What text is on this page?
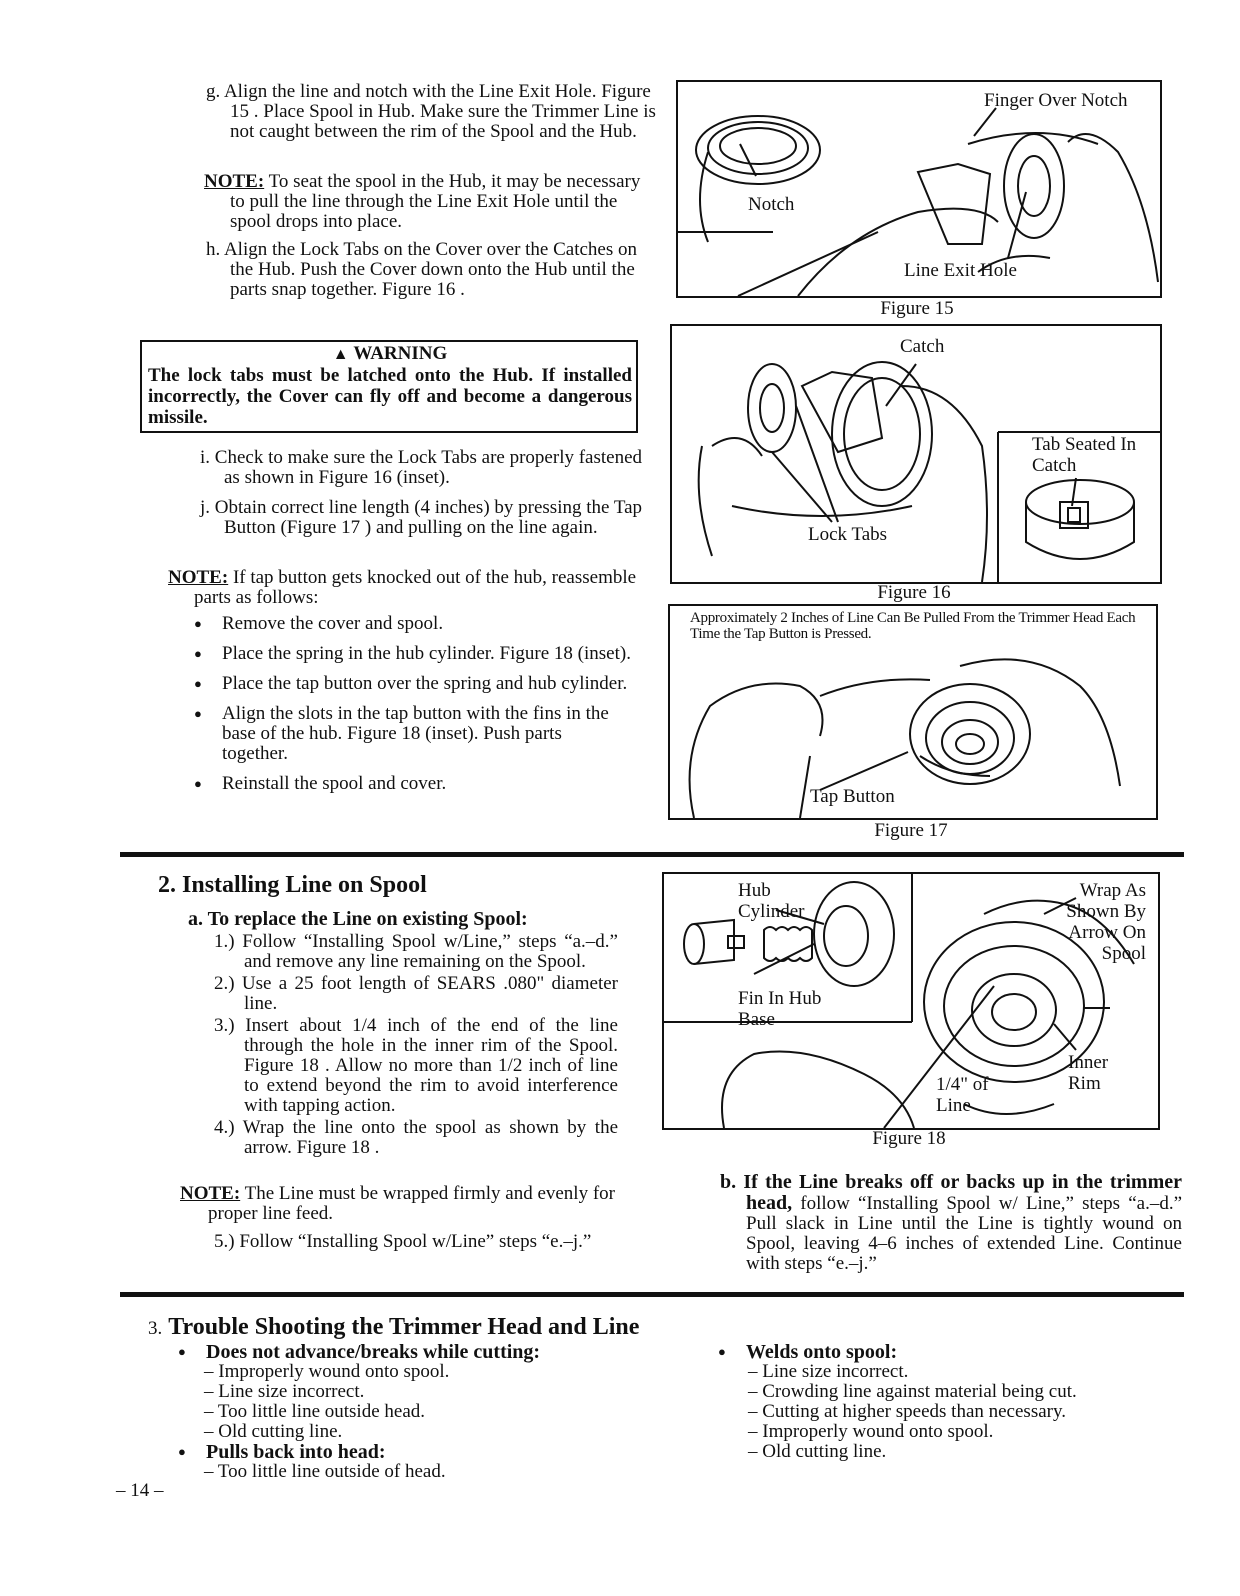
g. Align the line and notch with the Line Exit Hole. Figure 15 . Place Spool in Hub. Make sure the Trimmer Line is not caught between the rim of the Spool and the Hub.

NOTE: To seat the spool in the Hub, it may be necessary to pull the line through the Line Exit Hole until the spool drops into place.

h. Align the Lock Tabs on the Cover over the Catches on the Hub. Push the Cover down onto the Hub until the parts snap together. Figure 16 .

▲ WARNING
The lock tabs must be latched onto the Hub. If installed incorrectly, the Cover can fly off and become a dangerous missile.

i. Check to make sure the Lock Tabs are properly fastened as shown in Figure 16 (inset).

j. Obtain correct line length (4 inches) by pressing the Tap Button (Figure 17 ) and pulling on the line again.

NOTE: If tap button gets knocked out of the hub, reassemble parts as follows:

● Remove the cover and spool.

● Place the spring in the hub cylinder. Figure 18 (inset).

● Place the tap button over the spring and hub cylinder.

● Align the slots in the tap button with the fins in the base of the hub. Figure 18 (inset). Push parts together.

● Reinstall the spool and cover.

Finger Over Notch
Notch
Line Exit Hole
Figure 15
Catch
Tab Seated In Catch
Lock Tabs
Figure 16
Approximately 2 Inches of Line Can Be Pulled From the Trimmer Head Each Time the Tap Button is Pressed.
Tap Button
Figure 17
2. Installing Line on Spool
a. To replace the Line on existing Spool:

1.) Follow “Installing Spool w/Line,” steps “a.–d.” and remove any line remaining on the Spool.

2.) Use a 25 foot length of SEARS .080" diameter line.

3.) Insert about 1/4 inch of the end of the line through the hole in the inner rim of the Spool. Figure 18 . Allow no more than 1/2 inch of line to extend beyond the rim to avoid interference with tapping action.

4.) Wrap the line onto the spool as shown by the arrow. Figure 18 .

NOTE: The Line must be wrapped firmly and evenly for proper line feed.

5.) Follow “Installing Spool w/Line” steps “e.–j.”

Hub Cylinder
Fin In Hub Base
Wrap As Shown By Arrow On Spool
Inner Rim
1/4" of Line
Figure 18

b. If the Line breaks off or backs up in the trimmer head, follow “Installing Spool w/ Line,” steps “a.–d.” Pull slack in Line until the Line is tightly wound on Spool, leaving 4–6 inches of extended Line. Continue with steps “e.–j.”

3. Trouble Shooting the Trimmer Head and Line

● Does not advance/breaks while cutting:

– Improperly wound onto spool.

– Line size incorrect.

– Too little line outside head.

– Old cutting line.

● Pulls back into head:

– Too little line outside of head.

● Welds onto spool:

– Line size incorrect.

– Crowding line against material being cut.

– Cutting at higher speeds than necessary.

– Improperly wound onto spool.

– Old cutting line.

– 14 –
